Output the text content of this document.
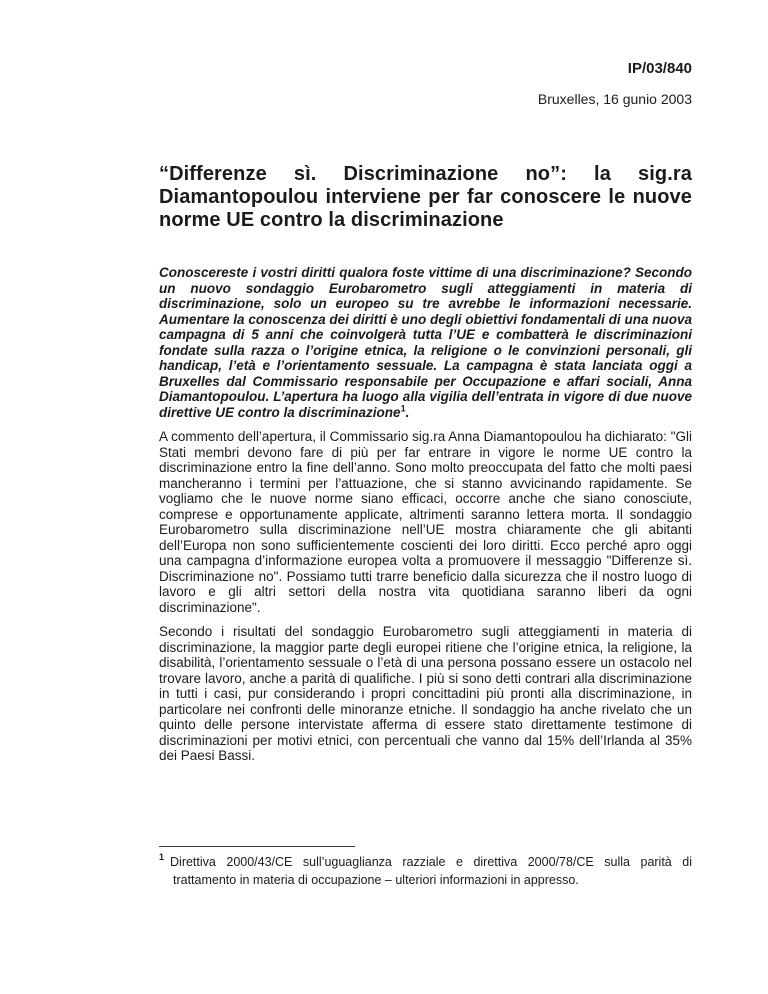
IP/03/840
Bruxelles, 16 gunio 2003
“Differenze sì. Discriminazione no”: la sig.ra Diamantopoulou interviene per far conoscere le nuove norme UE contro la discriminazione

Conoscereste i vostri diritti qualora foste vittime di una discriminazione? Secondo un nuovo sondaggio Eurobarometro sugli atteggiamenti in materia di discriminazione, solo un europeo su tre avrebbe le informazioni necessarie. Aumentare la conoscenza dei diritti è uno degli obiettivi fondamentali di una nuova campagna di 5 anni che coinvolgerà tutta l’UE e combatterà le discriminazioni fondate sulla razza o l’origine etnica, la religione o le convinzioni personali, gli handicap, l’età e l’orientamento sessuale. La campagna è stata lanciata oggi a Bruxelles dal Commissario responsabile per Occupazione e affari sociali, Anna Diamantopoulou. L’apertura ha luogo alla vigilia dell’entrata in vigore di due nuove direttive UE contro la discriminazione$^1$.

A commento dell’apertura, il Commissario sig.ra Anna Diamantopoulou ha dichiarato: "Gli Stati membri devono fare di più per far entrare in vigore le norme UE contro la discriminazione entro la fine dell’anno. Sono molto preoccupata del fatto che molti paesi mancheranno i termini per l’attuazione, che si stanno avvicinando rapidamente. Se vogliamo che le nuove norme siano efficaci, occorre anche che siano conosciute, comprese e opportunamente applicate, altrimenti saranno lettera morta. Il sondaggio Eurobarometro sulla discriminazione nell’UE mostra chiaramente che gli abitanti dell’Europa non sono sufficientemente coscienti dei loro diritti. Ecco perché apro oggi una campagna d’informazione europea volta a promuovere il messaggio "Differenze sì. Discriminazione no". Possiamo tutti trarre beneficio dalla sicurezza che il nostro luogo di lavoro e gli altri settori della nostra vita quotidiana saranno liberi da ogni discriminazione".

Secondo i risultati del sondaggio Eurobarometro sugli atteggiamenti in materia di discriminazione, la maggior parte degli europei ritiene che l’origine etnica, la religione, la disabilità, l’orientamento sessuale o l’età di una persona possano essere un ostacolo nel trovare lavoro, anche a parità di qualifiche. I più si sono detti contrari alla discriminazione in tutti i casi, pur considerando i propri concittadini più pronti alla discriminazione, in particolare nei confronti delle minoranze etniche. Il sondaggio ha anche rivelato che un quinto delle persone intervistate afferma di essere stato direttamente testimone di discriminazioni per motivi etnici, con percentuali che vanno dal 15% dell’Irlanda al 35% dei Paesi Bassi.

$^1$ Direttiva 2000/43/CE sull’uguaglianza razziale e direttiva 2000/78/CE sulla parità di trattamento in materia di occupazione – ulteriori informazioni in appresso.
